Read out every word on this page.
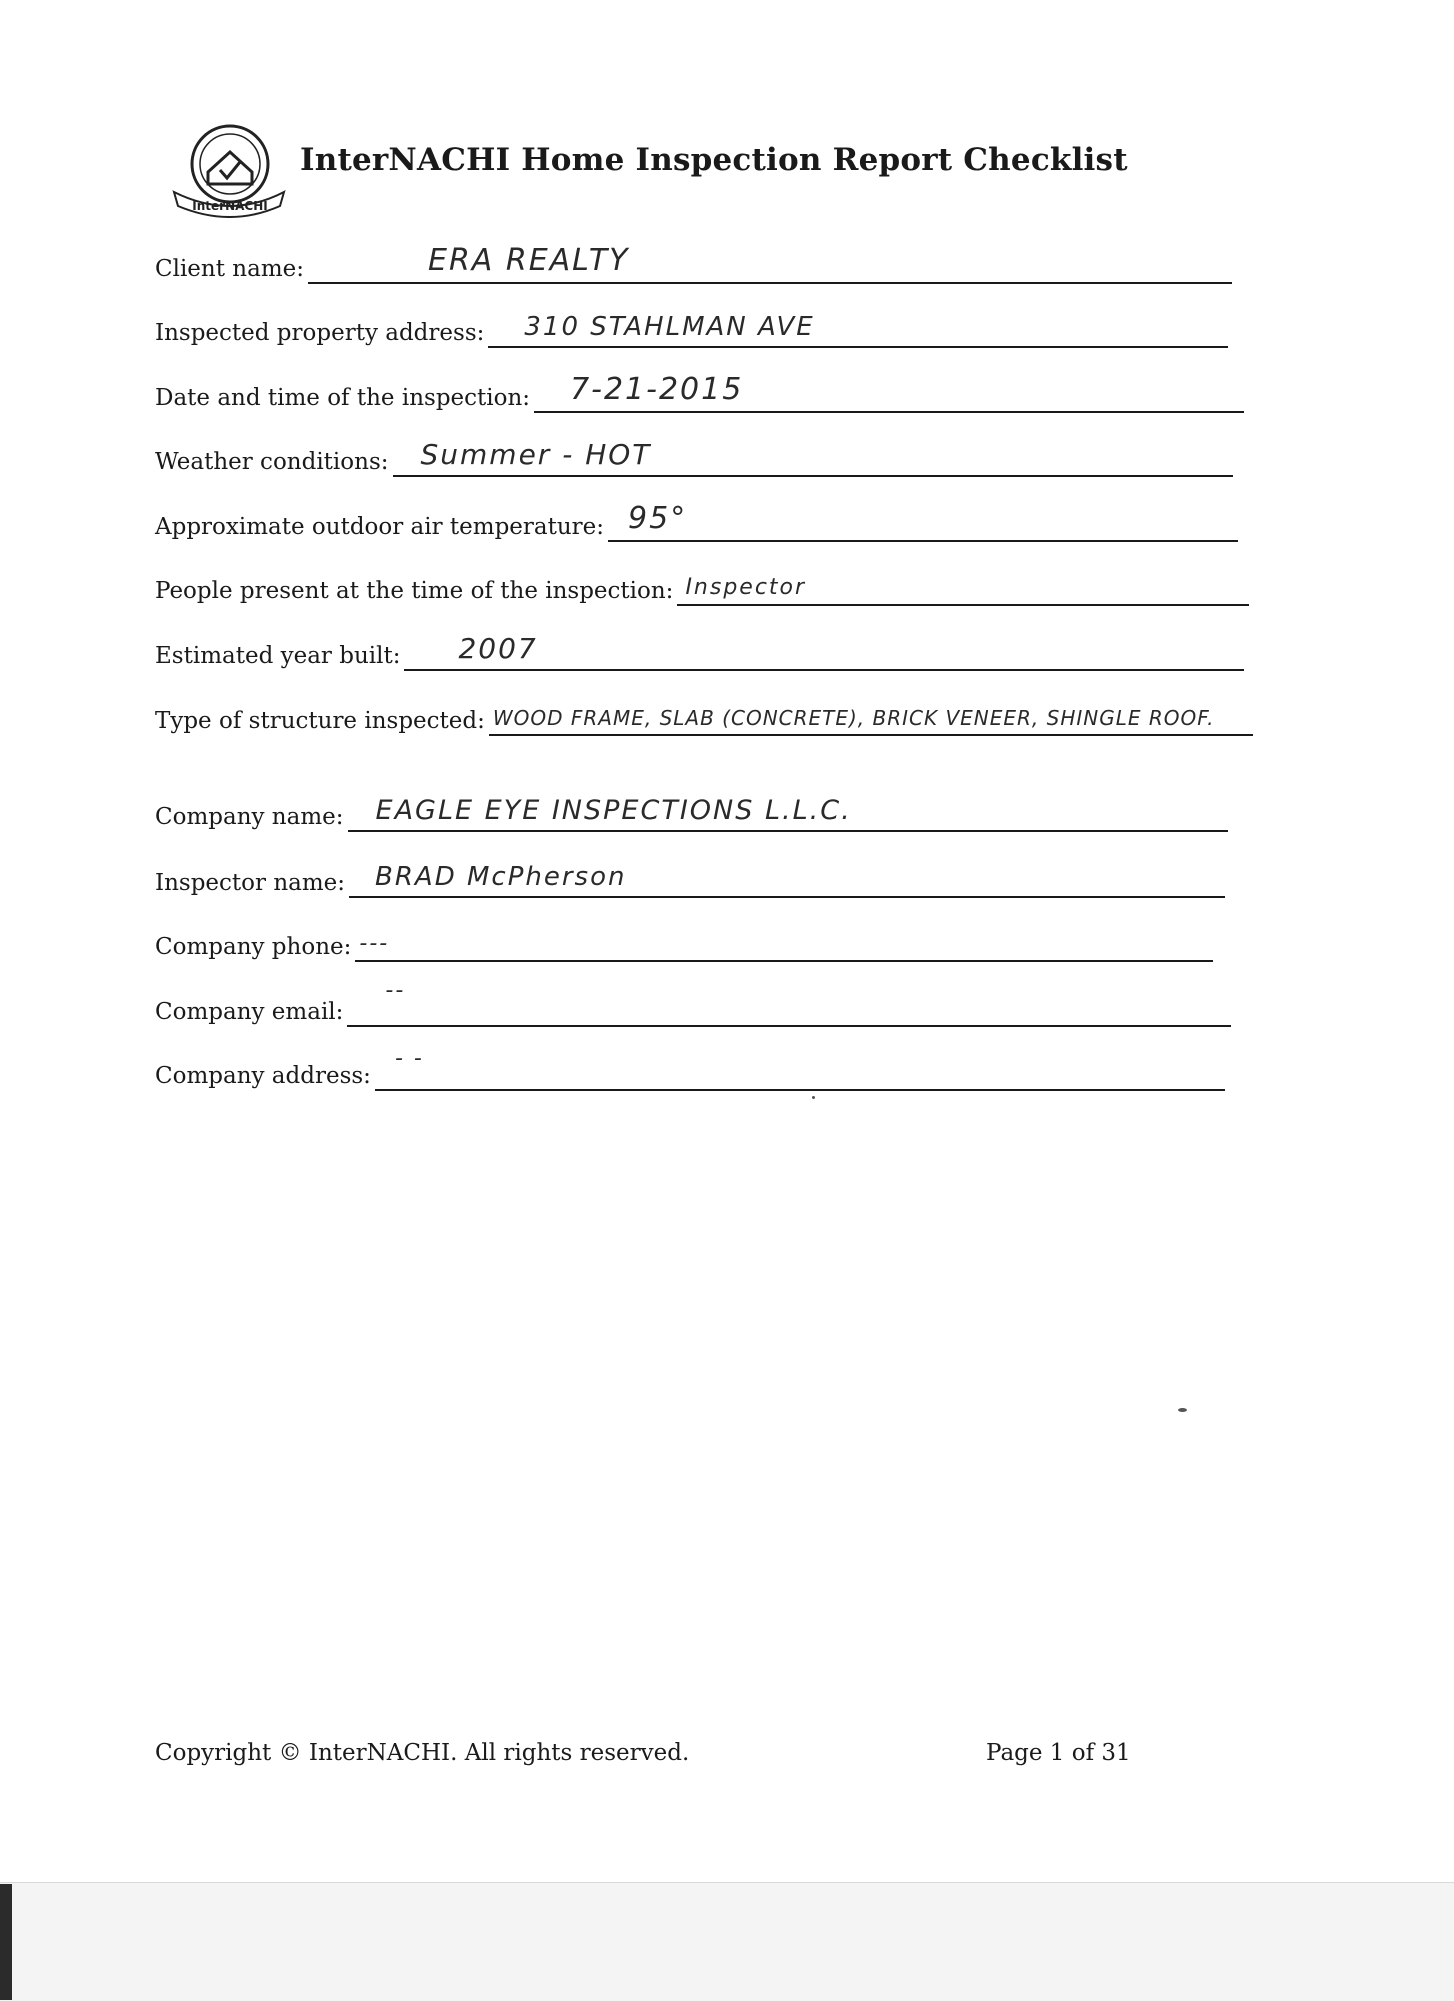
InterNACHI
InterNACHI Home Inspection Report Checklist
Client name:	ERA REALTY
Inspected property address: 310 STAHLMAN AVE
Date and time of the inspection: 7-21-2015
Weather conditions: Summer - HOT
Approximate outdoor air temperature: 95°
People present at the time of the inspection: Inspector
Estimated year built: 2007
Type of structure inspected: WOOD FRAME, SLAB (CONCRETE), BRICK VENEER, SHINGLE ROOF.
Company name: EAGLE EYE INSPECTIONS L.L.C.
Inspector name: BRAD McPherson
Company phone: ---
Company email:
--
Company address:
- -
Copyright © InterNACHI. All rights reserved.	Page 1 of 31
